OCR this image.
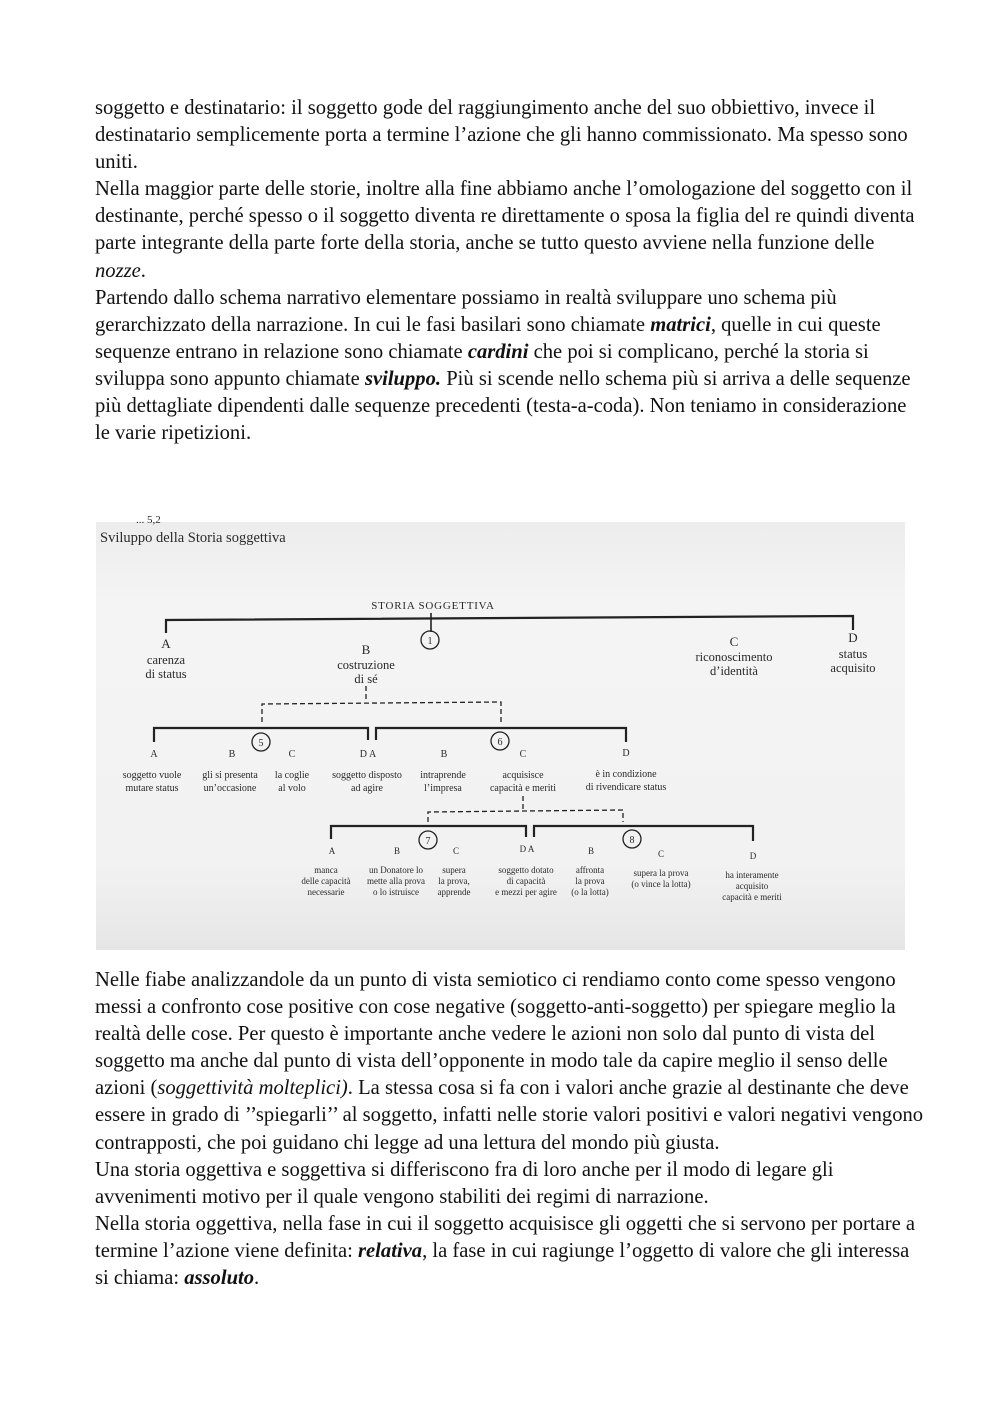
soggetto e destinatario: il soggetto gode del raggiungimento anche del suo obbiettivo, invece il destinatario semplicemente porta a termine l’azione che gli hanno commissionato. Ma spesso sono uniti.
Nella maggior parte delle storie, inoltre alla fine abbiamo anche l’omologazione del soggetto con il destinante, perché spesso o il soggetto diventa re direttamente o sposa la figlia del re quindi diventa parte integrante della parte forte della storia, anche se tutto questo avviene nella funzione delle nozze.
Partendo dallo schema narrativo elementare possiamo in realtà sviluppare uno schema più gerarchizzato della narrazione. In cui le fasi basilari sono chiamate matrici, quelle in cui queste sequenze entrano in relazione sono chiamate cardini che poi si complicano, perché la storia si sviluppa sono appunto chiamate sviluppo. Più si scende nello schema più si arriva a delle sequenze più dettagliate dipendenti dalle sequenze precedenti (testa-a-coda). Non teniamo in considerazione le varie ripetizioni.

... 5,2
Sviluppo della Storia soggettiva
STORIA SOGGETTIVA
1
A
carenza
di status
B
costruzione
di sé
C
riconoscimento
d’identità
D
status
acquisito
5	6
A
soggetto vuole
mutare status
B
gli si presenta
un’occasione
C
la coglie
al volo
D A
soggetto disposto
ad agire
B
intraprende
l’impresa
C
acquisisce
capacità e meriti
D
è in condizione
di rivendicare status
7	8
A
manca
delle capacità
necessarie
B
un Donatore lo
mette alla prova
o lo istruisce
C
supera
la prova,
apprende
D A
soggetto dotato
di capacità
e mezzi per agire
B
affronta
la prova
(o la lotta)
C
supera la prova
(o vince la lotta)
D
ha interamente
acquisito
capacità e meriti

Nelle fiabe analizzandole da un punto di vista semiotico ci rendiamo conto come spesso vengono messi a confronto cose positive con cose negative (soggetto-anti-soggetto) per spiegare meglio la realtà delle cose. Per questo è importante anche vedere le azioni non solo dal punto di vista del soggetto ma anche dal punto di vista dell’opponente in modo tale da capire meglio il senso delle azioni (soggettività molteplici). La stessa cosa si fa con i valori anche grazie al destinante che deve essere in grado di ’’spiegarli’’ al soggetto, infatti nelle storie valori positivi e valori negativi vengono contrapposti, che poi guidano chi legge ad una lettura del mondo più giusta.
Una storia oggettiva e soggettiva si differiscono fra di loro anche per il modo di legare gli avvenimenti motivo per il quale vengono stabiliti dei regimi di narrazione.
Nella storia oggettiva, nella fase in cui il soggetto acquisisce gli oggetti che si servono per portare a termine l’azione viene definita: relativa, la fase in cui ragiunge l’oggetto di valore che gli interessa si chiama: assoluto.
